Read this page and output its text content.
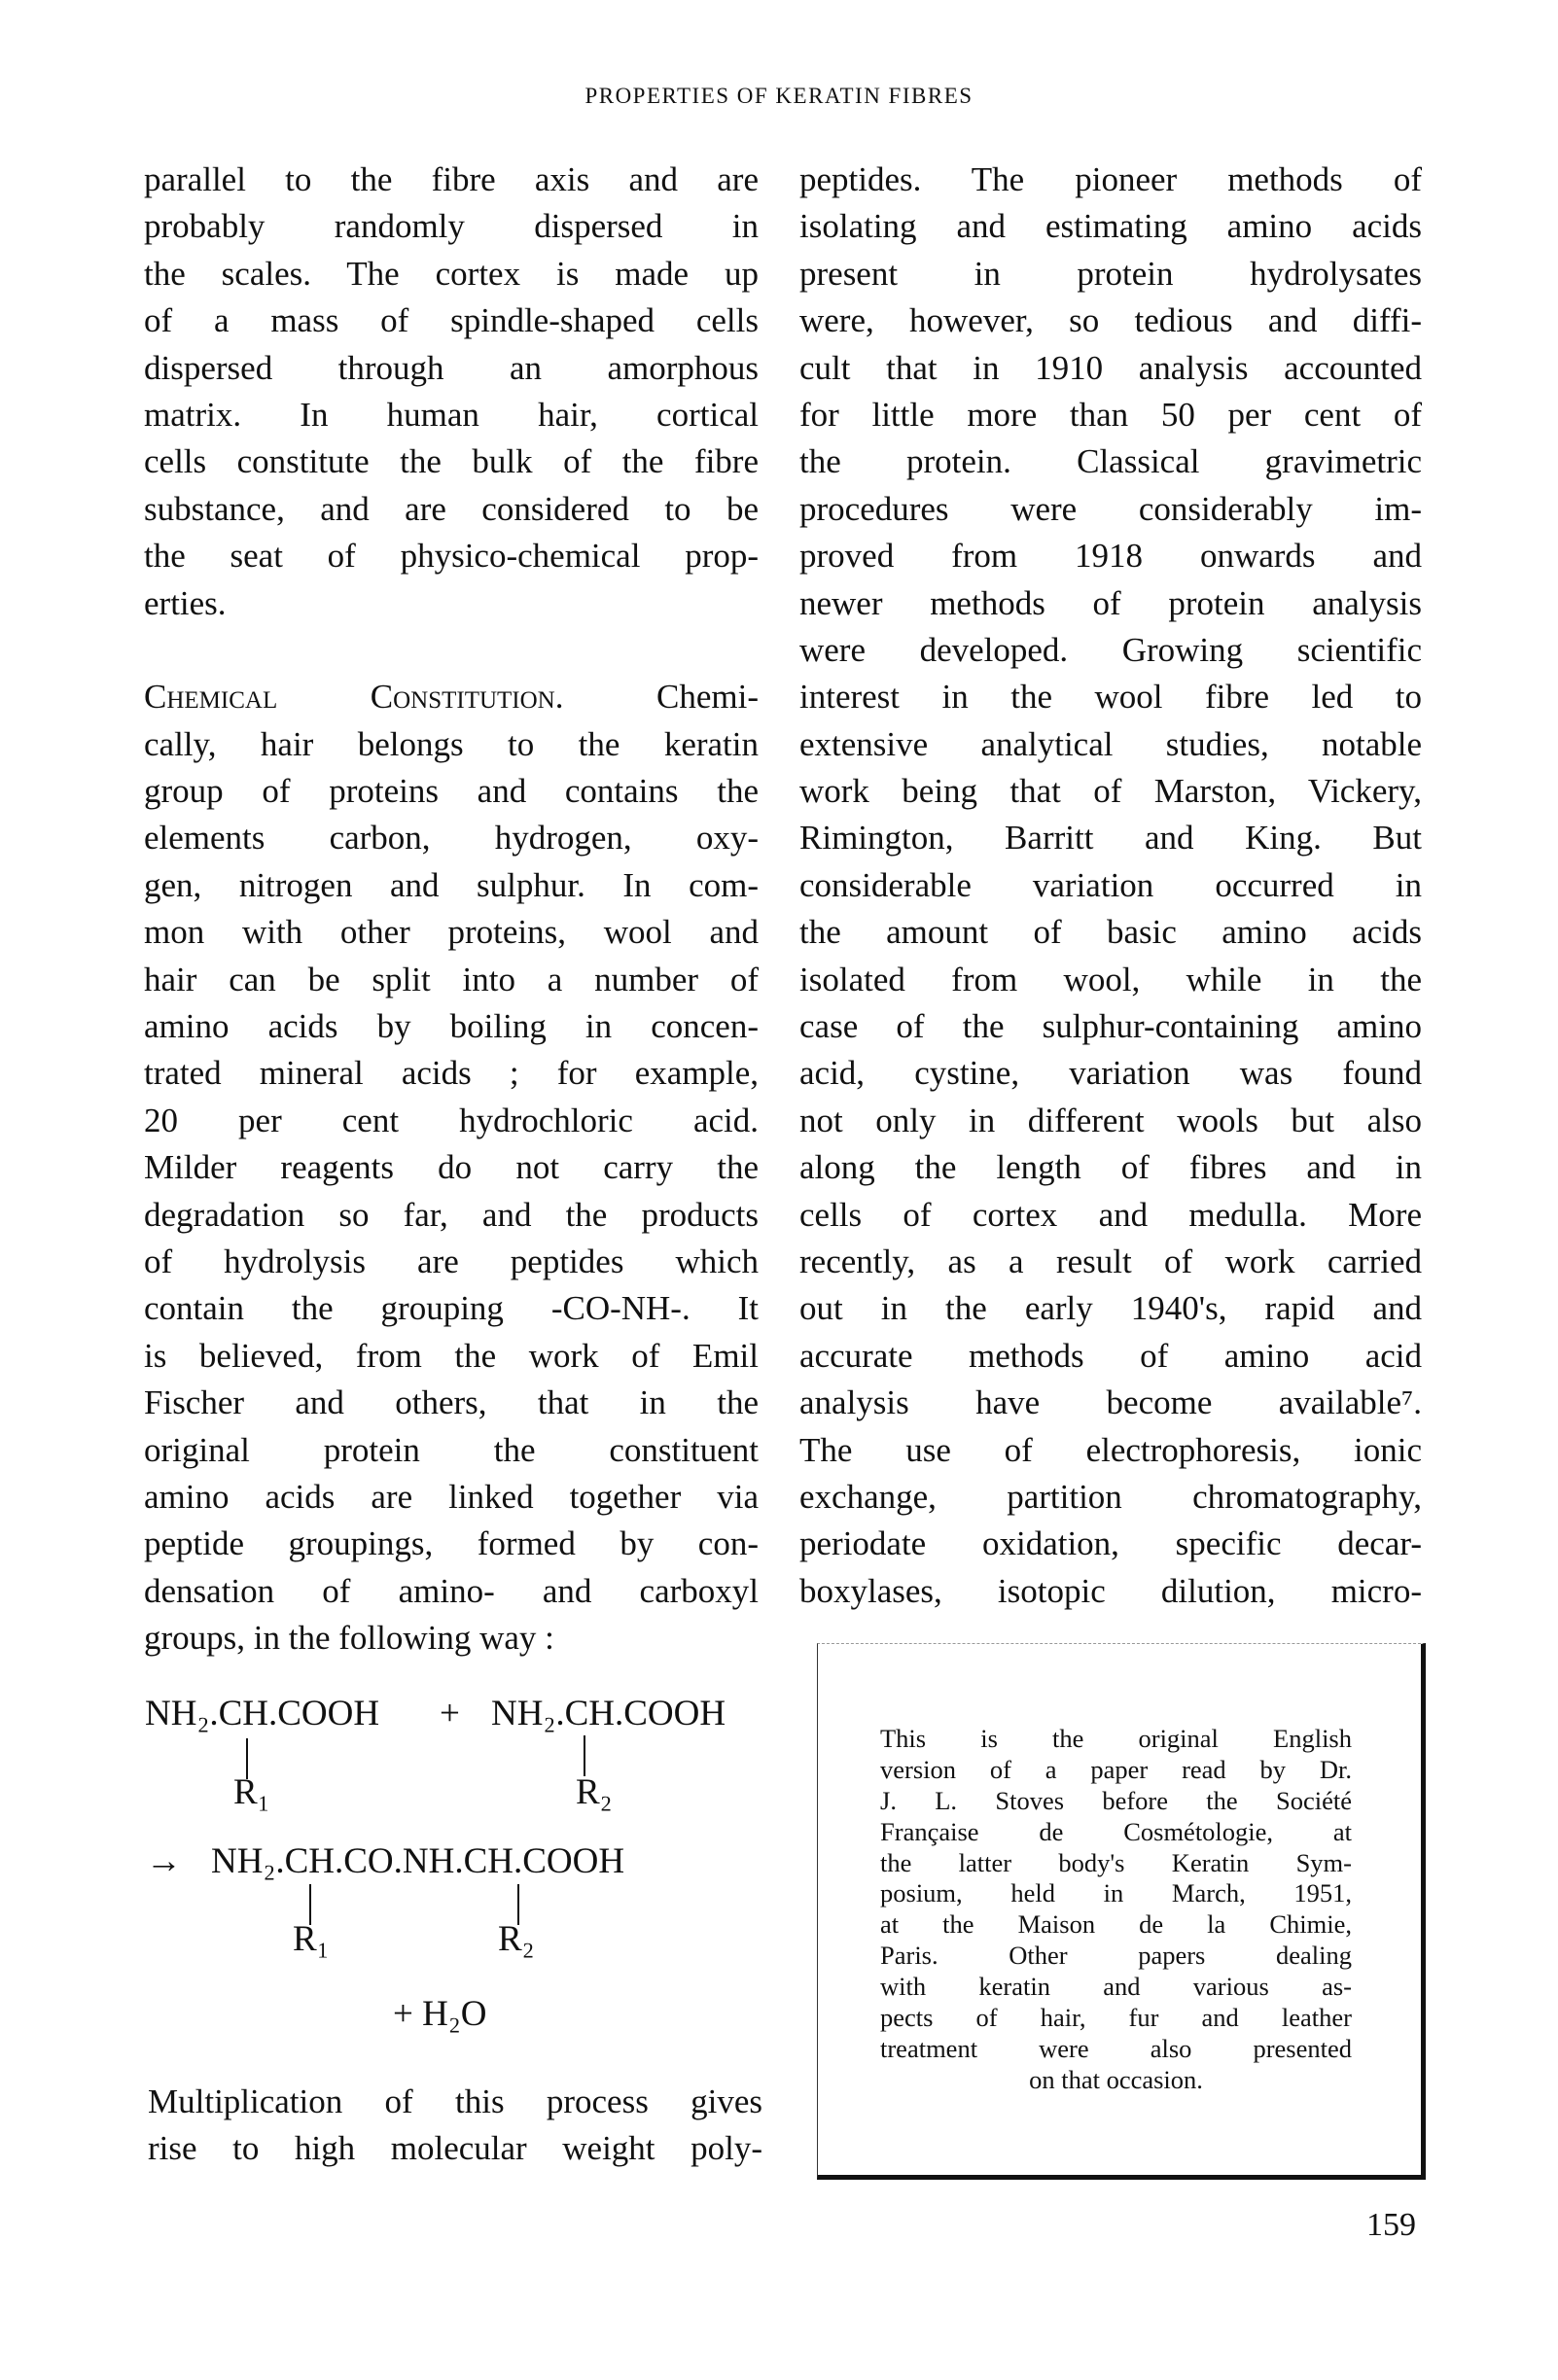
PROPERTIES OF KERATIN FIBRES
parallel to the fibre axis and are
probably randomly dispersed in
the scales. The cortex is made up
of a mass of spindle-shaped cells
dispersed through an amorphous
matrix. In human hair, cortical
cells constitute the bulk of the fibre
substance, and are considered to be
the seat of physico-chemical prop-
erties.
Chemical Constitution.	Chemi-
cally, hair belongs to the keratin
group of proteins and contains the
elements carbon, hydrogen, oxy-
gen, nitrogen and sulphur. In com-
mon with other proteins, wool and
hair can be split into a number of
amino acids by boiling in concen-
trated mineral acids ; for example,
20 per cent hydrochloric acid.
Milder reagents do not carry the
degradation so far, and the products
of hydrolysis are peptides which
contain the grouping -CO-NH-. It
is believed, from the work of Emil
Fischer and others, that in the
original protein the constituent
amino acids are linked together via
peptide groupings, formed by con-
densation of amino- and carboxyl
groups, in the following way :
NH₂.CH.COOH + NH₂.CH.COOH
R₁	R₂
→ NH₂.CH.CO.NH.CH.COOH
R₁	R₂
+ H₂O
Multiplication of this process gives
rise to high molecular weight poly-
peptides. The pioneer methods of
isolating and estimating amino acids
present in protein hydrolysates
were, however, so tedious and diffi-
cult that in 1910 analysis accounted
for little more than 50 per cent of
the protein. Classical gravimetric
procedures were considerably im-
proved from 1918 onwards and
newer methods of protein analysis
were developed. Growing scientific
interest in the wool fibre led to
extensive analytical studies, notable
work being that of Marston, Vickery,
Rimington, Barritt and King. But
considerable variation occurred in
the amount of basic amino acids
isolated from wool, while in the
case of the sulphur-containing amino
acid, cystine, variation was found
not only in different wools but also
along the length of fibres and in
cells of cortex and medulla. More
recently, as a result of work carried
out in the early 1940's, rapid and
accurate methods of amino acid
analysis have become available⁷.
The use of electrophoresis, ionic
exchange, partition chromatography,
periodate oxidation, specific decar-
boxylases, isotopic dilution, micro-
This is the original English
version of a paper read by Dr.
J. L. Stoves before the Société
Française de Cosmétologie, at
the latter body's Keratin Sym-
posium, held in March, 1951,
at the Maison de la Chimie,
Paris. Other papers dealing
with keratin and various as-
pects of hair, fur and leather
treatment were also presented
on that occasion.
159
